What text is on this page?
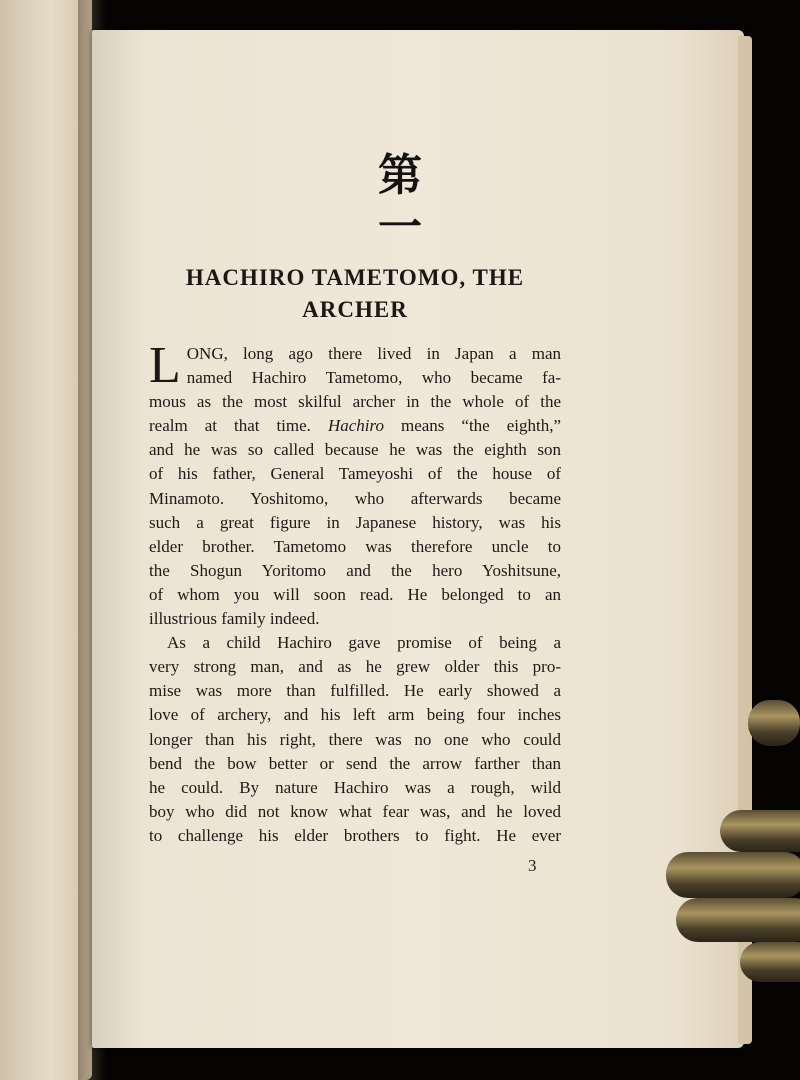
第
一
HACHIRO TAMETOMO, THE
ARCHER
L ONG, long ago there lived in Japan a man
named Hachiro Tametomo, who became fa-
mous as the most skilful archer in the whole of the
realm at that time. Hachiro means “the eighth,”
and he was so called because he was the eighth son
of his father, General Tameyoshi of the house of
Minamoto. Yoshitomo, who afterwards became
such a great figure in Japanese history, was his
elder brother. Tametomo was therefore uncle to
the Shogun Yoritomo and the hero Yoshitsune,
of whom you will soon read. He belonged to an
illustrious family indeed.
As a child Hachiro gave promise of being a
very strong man, and as he grew older this pro-
mise was more than fulfilled. He early showed a
love of archery, and his left arm being four inches
longer than his right, there was no one who could
bend the bow better or send the arrow farther than
he could. By nature Hachiro was a rough, wild
boy who did not know what fear was, and he loved
to challenge his elder brothers to fight. He ever
3
